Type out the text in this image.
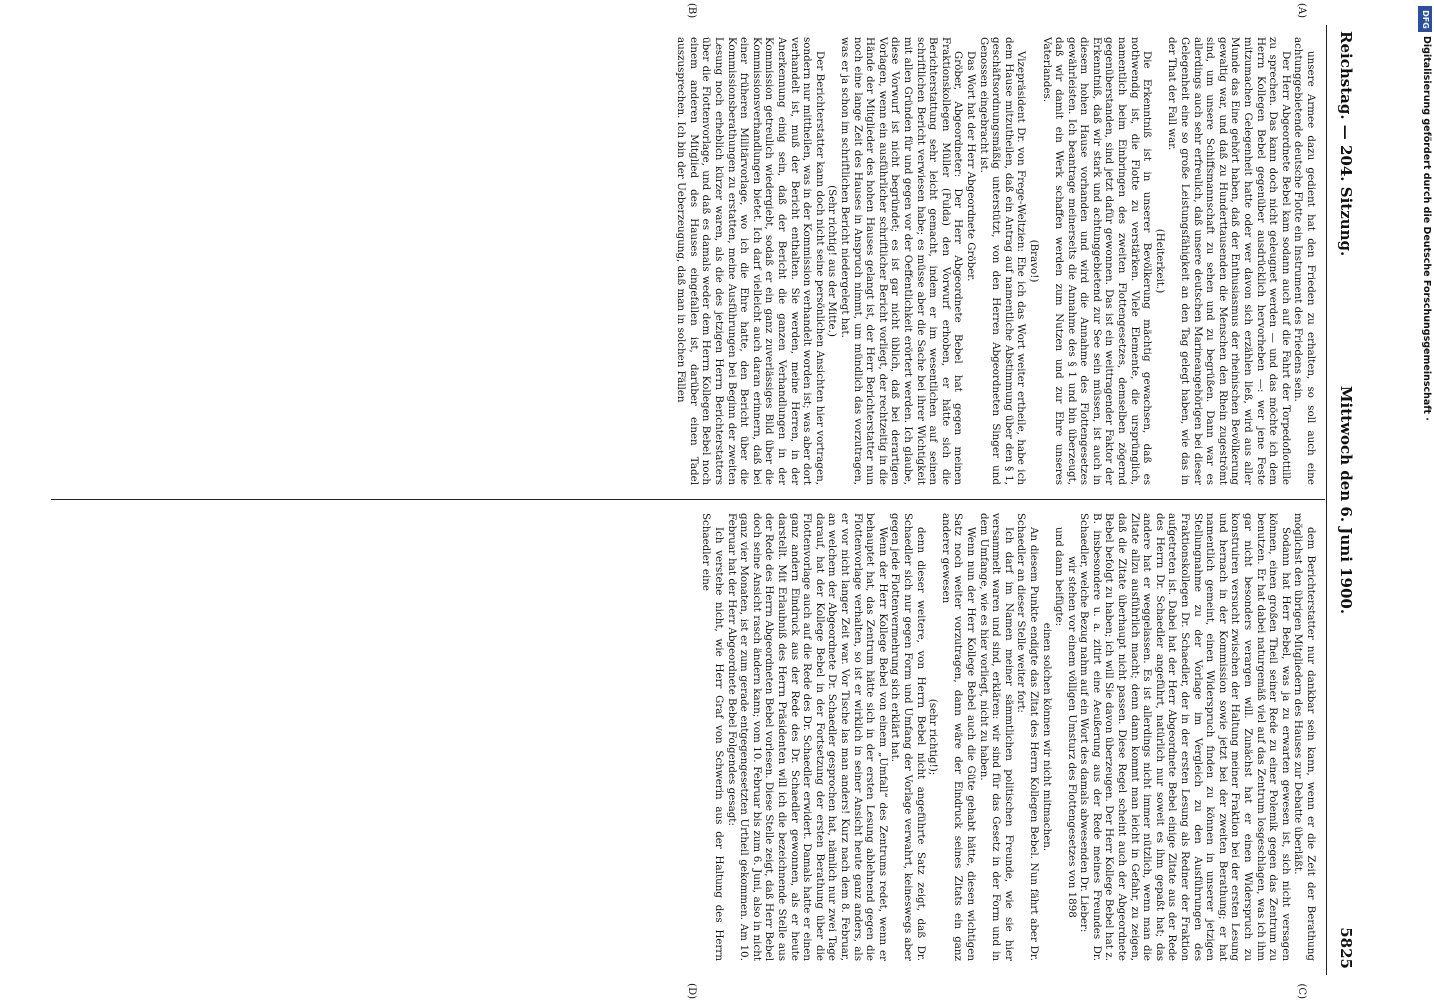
Reichstag. — 204. Sitzung.
Mittwoch den 6. Juni 1900.
5825
(A)
(B)
(C)
(D)

unsere Armee dazu gedient hat den Frieden zu erhalten, so soll auch eine achtunggebietende deutsche Flotte ein Instrument des Friedens sein.

Der Herr Abgeordnete Bebel kam sodann auch auf die Fahrt der Torpedoflottille zu sprechen. Das kann doch nicht geleugnet werden — und das möchte ich dem Herrn Kollegen Bebel gegenüber ausdrücklich hervorheben —: wer jene Feste mitzumachen Gelegenheit hatte oder wer davon sich erzählen ließ, wird aus aller Munde das Eine gehört haben, daß der Enthusiasmus der rheinischen Bevölkerung gewaltig war, und daß zu Hunderttausenden die Menschen den Rhein zugeströmt sind, um unsere Schiffsmannschaft zu sehen und zu begrüßen. Dann war es allerdings auch sehr erfreulich, daß unsere deutschen Marineangehörigen bei dieser Gelegenheit eine so große Leistungsfähigkeit an den Tag gelegt haben, wie das in der That der Fall war.

(Heiterkeit.)

Die Erkenntniß ist in unserer Bevölkerung mächtig gewachsen, daß es nothwendig ist, die Flotte zu verstärken. Viele Elemente, die ursprünglich, namentlich beim Einbringen des zweiten Flottengesetzes, demselben zögernd gegenüberstanden, sind jetzt dafür gewonnen. Das ist ein weittragender Faktor der Erkenntniß, daß wir stark und achtunggebietend zur See sein müssen, ist auch in diesem hohen Hause vorhanden und wird die Annahme des Flottengesetzes gewährleisten. Ich beantrage meinerseits die Annahme des § 1 und bin überzeugt, daß wir damit ein Werk schaffen werden zum Nutzen und zur Ehre unseres Vaterlandes.

(Bravo!)

Vizepräsident Dr. von Frege-Weltzien: Ehe ich das Wort weiter ertheile, habe ich dem Hause mitzutheilen, daß ein Antrag auf namentliche Abstimmung über den § 1, geschäftsordnungsmäßig unterstützt, von den Herren Abgeordneten Singer und Genossen eingebracht ist.

Das Wort hat der Herr Abgeordnete Gröber.

Gröber, Abgeordneter: Der Herr Abgeordnete Bebel hat gegen meinen Fraktionskollegen Müller (Fulda) den Vorwurf erhoben, er hätte sich die Berichterstattung sehr leicht gemacht, indem er im wesentlichen auf seinen schriftlichen Bericht verwiesen habe; es müsse aber die Sache bei ihrer Wichtigkeit mit allen Gründen für und gegen vor der Oeffentlichkeit erörtert werden. Ich glaube, diese Vorwurf ist nicht begründet; es ist gar nicht üblich, daß bei derartigen Vorlagen, wenn ein ausführlicher schriftlicher Bericht vorliegt, der rechtzeitig in die Hände der Mitglieder des hohen Hauses gelangt ist, der Herr Berichterstatter nun noch eine lange Zeit des Hauses in Anspruch nimmt, um mündlich das vorzutragen, was er ja schon im schriftlichen Bericht niedergelegt hat.

(Sehr richtig! aus der Mitte.)

Der Berichterstatter kann doch nicht seine persönlichen Ansichten hier vortragen, sondern nur mittheilen, was in der Kommission verhandelt worden ist; was aber dort verhandelt ist, muß der Bericht enthalten. Sie werden, meine Herren, in der Anerkennung einig sein, daß der Bericht die ganzen Verhandlungen in der Kommission getreulich wiedergiebt, sodaß er ein ganz zuverlässiges Bild über die Kommissionsverhandlungen bietet. Ich darf vielleicht auch daran erinnern, daß bei einer früheren Militärvorlage, wo ich die Ehre hatte, den Bericht über die Kommissionsberathungen zu erstatten, meine Ausführungen bei Beginn der zweiten Lesung noch erheblich kürzer waren, als die des jetzigen Herrn Berichterstatters über die Flottenvorlage, und daß es damals weder dem Herrn Kollegen Bebel noch einem anderen Mitglied des Hauses eingefallen ist, darüber einen Tadel auszusprechen. Ich bin der Ueberzeugung, daß man in solchen Fällen

dem Berichterstatter nur dankbar sein kann, wenn er die Zeit der Berathung möglichst den übrigen Mitgliedern des Hauses zur Debatte überläßt.

Sodann hat Herr Bebel, was ja zu erwarten gewesen ist, sich nicht versagen können, einen großen Theil seiner Rede zu einer Polemik gegen das Zentrum zu benutzen. Er hat dabei naturgemäß viel auf das Zentrum losgeschlagen, was ich ihm gar nicht besonders verargen will. Zunächst hat er einen Widerspruch zu konstruiren versucht zwischen der Haltung meiner Fraktion bei der ersten Lesung und hernach in der Kommission sowie jetzt bei der zweiten Berathung; er hat namentlich gemeint, einen Widerspruch finden zu können in unserer jetzigen Stellungnahme zu der Vorlage im Vergleich zu den Ausführungen des Fraktionskollegen Dr. Schaedler, der in der ersten Lesung als Redner der Fraktion aufgetreten ist. Dabei hat der Herr Abgeordnete Bebel einige Zitate aus der Rede des Herrn Dr. Schaedler angeführt, natürlich nur soweit es ihm gepaßt hat; das andere hat er weggelassen. Es ist allerdings nicht immer nützlich, wenn man die Zitate allzu ausführlich macht; denn dann kommt man leicht in Gefahr, zu zeigen, daß die Zitate überhaupt nicht passen. Diese Regel scheint auch der Abgeordnete Bebel befolgt zu haben; ich will Sie davon überzeugen. Der Herr Kollege Bebel hat z. B. insbesondere u. a. zitirt eine Aeußerung aus der Rede meines Freundes Dr. Schaedler, welche Bezug nahm auf ein Wort des damals abwesenden Dr. Lieber:

wir stehen vor einem völligen Umsturz des Flottengesetzes von 1898

und dann beifügte:

einen solchen können wir nicht mitmachen.

An diesem Punkte endigte das Zitat des Herrn Kollegen Bebel. Nun fährt aber Dr. Schaedler an dieser Stelle weiter fort:

Ich darf im Namen meiner sämmtlichen politischen Freunde, wie sie hier versammelt waren und sind, erklären: wir sind für das Gesetz in der Form und in dem Umfange, wie es hier vorliegt, nicht zu haben.

Wenn nun der Herr Kollege Bebel auch die Güte gehabt hätte, diesen wichtigen Satz noch weiter vorzutragen, dann wäre der Eindruck seines Zitats ein ganz anderer gewesen

(sehr richtig!);

denn dieser weitere, von Herrn Bebel nicht angeführte Satz zeigt, daß Dr. Schaedler sich nur gegen Form und Umfang der Vorlage verwahrt, keineswegs aber gegen jede Flottenvermehrung sich erklärt hat.

Wenn der Herr Kollege Bebel von einem „Umfall“ des Zentrums redet, wenn er behauptet hat, das Zentrum hätte sich in der ersten Lesung ablehnend gegen die Flottenvorlage verhalten, so ist er wirklich in seiner Ansicht heute ganz anders, als er vor nicht langer Zeit war. Vor Tische las man anders! Kurz nach dem 8. Februar, an welchem der Abgeordnete Dr. Schaedler gesprochen hat, nämlich nur zwei Tage darauf, hat der Kollege Bebel in der Fortsetzung der ersten Berathung über die Flottenvorlage auch auf die Rede des Dr. Schaedler erwidert. Damals hatte er einen ganz andern Eindruck aus der Rede des Dr. Schaedler gewonnen, als er heute darstellt. Mit Erlaubniß des Herrn Präsidenten will ich die bezeichnende Stelle aus der Rede des Herrn Abgeordneten Bebel vorlesen. Diese Stelle zeigt, daß Herr Bebel doch seine Ansicht rasch ändern kann; vom 10. Februar bis zum 6. Juni, also in nicht ganz vier Monaten, ist er zum gerade entgegengesetzten Urtheil gekommen. Am 10. Februar hat der Herr Abgeordnete Bebel Folgendes gesagt:

Ich verstehe nicht, wie Herr Graf von Schwerin aus der Haltung des Herrn Schaedler eine

DFG
Digitalisierung gefördert durch die Deutsche Forschungsgemeinschaft ·
